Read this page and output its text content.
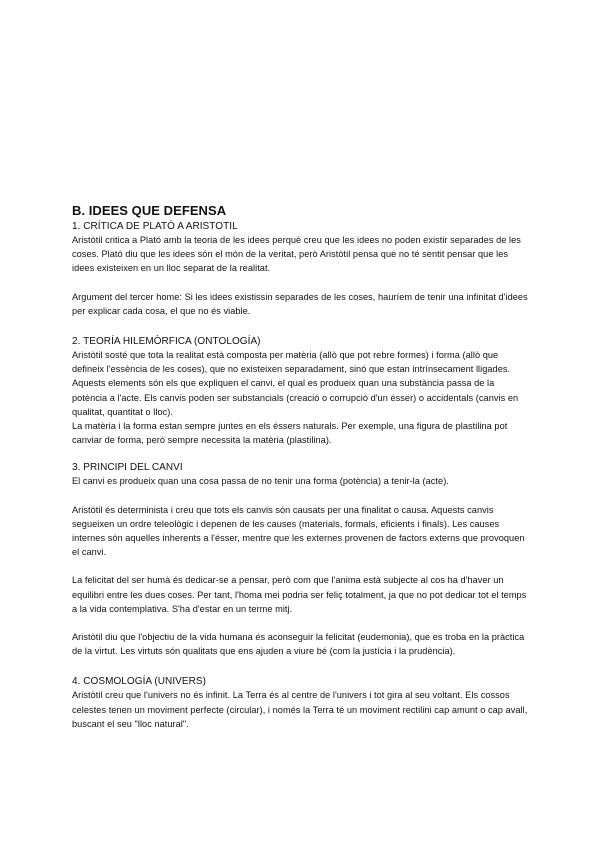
B. IDEES QUE DEFENSA
1. CRÍTICA DE PLATÓ A ARISTOTIL

Aristòtil critica a Plató amb la teoria de les idees perquè creu que les idees no poden existir separades de les coses. Plató diu que les idees són el món de la veritat, però Aristòtil pensa que no té sentit pensar que les idees existeixen en un lloc separat de la realitat.

Argument del tercer home: Si les idees existissin separades de les coses, hauríem de tenir una infinitat d'idees per explicar cada cosa, el que no és viable.

2. TEORÍA HILEMÒRFICA (ONTOLOGÍA)

Aristòtil sosté que tota la realitat està composta per matèria (allò que pot rebre formes) i forma (allò que defineix l'essència de les coses), que no existeixen separadament, sinó que estan intrínsecament lligades. Aquests elements són els que expliquen el canvi, el qual es produeix quan una substància passa de la potència a l'acte. Els canvis poden ser substancials (creació o corrupció d'un ésser) o accidentals (canvis en qualitat, quantitat o lloc).

La matèria i la forma estan sempre juntes en els éssers naturals. Per exemple, una figura de plastilina pot canviar de forma, però sempre necessita la matèria (plastilina).

3. PRINCIPI DEL CANVI

El canvi es produeix quan una cosa passa de no tenir una forma (potència) a tenir-la (acte).

Aristòtil és determinista i creu que tots els canvis són causats per una finalitat o causa. Aquests canvis segueixen un ordre teleològic i depenen de les causes (materials, formals, eficients i finals). Les causes internes són aquelles inherents a l'ésser, mentre que les externes provenen de factors externs que provoquen el canvi.

La felicitat del ser humà és dedicar-se a pensar, però com que l'anima està subjecte al cos ha d'haver un equilibri entre les dues coses. Per tant, l'homa mei podria ser feliç totalment, ja que no pot dedicar tot el temps a la vida contemplativa. S'ha d'estar en un terme mitj.

Aristòtil diu que l'objectiu de la vida humana és aconseguir la felicitat (eudemonia), que es troba en la pràctica de la virtut. Les virtuts són qualitats que ens ajuden a viure bé (com la justícia i la prudència).

4. COSMOLOGÍA (UNIVERS)

Aristòtil creu que l'univers no és infinit. La Terra és al centre de l'univers i tot gira al seu voltant. Els cossos celestes tenen un moviment perfecte (circular), i només la Terra té un moviment rectilini cap amunt o cap avall, buscant el seu "lloc natural".
